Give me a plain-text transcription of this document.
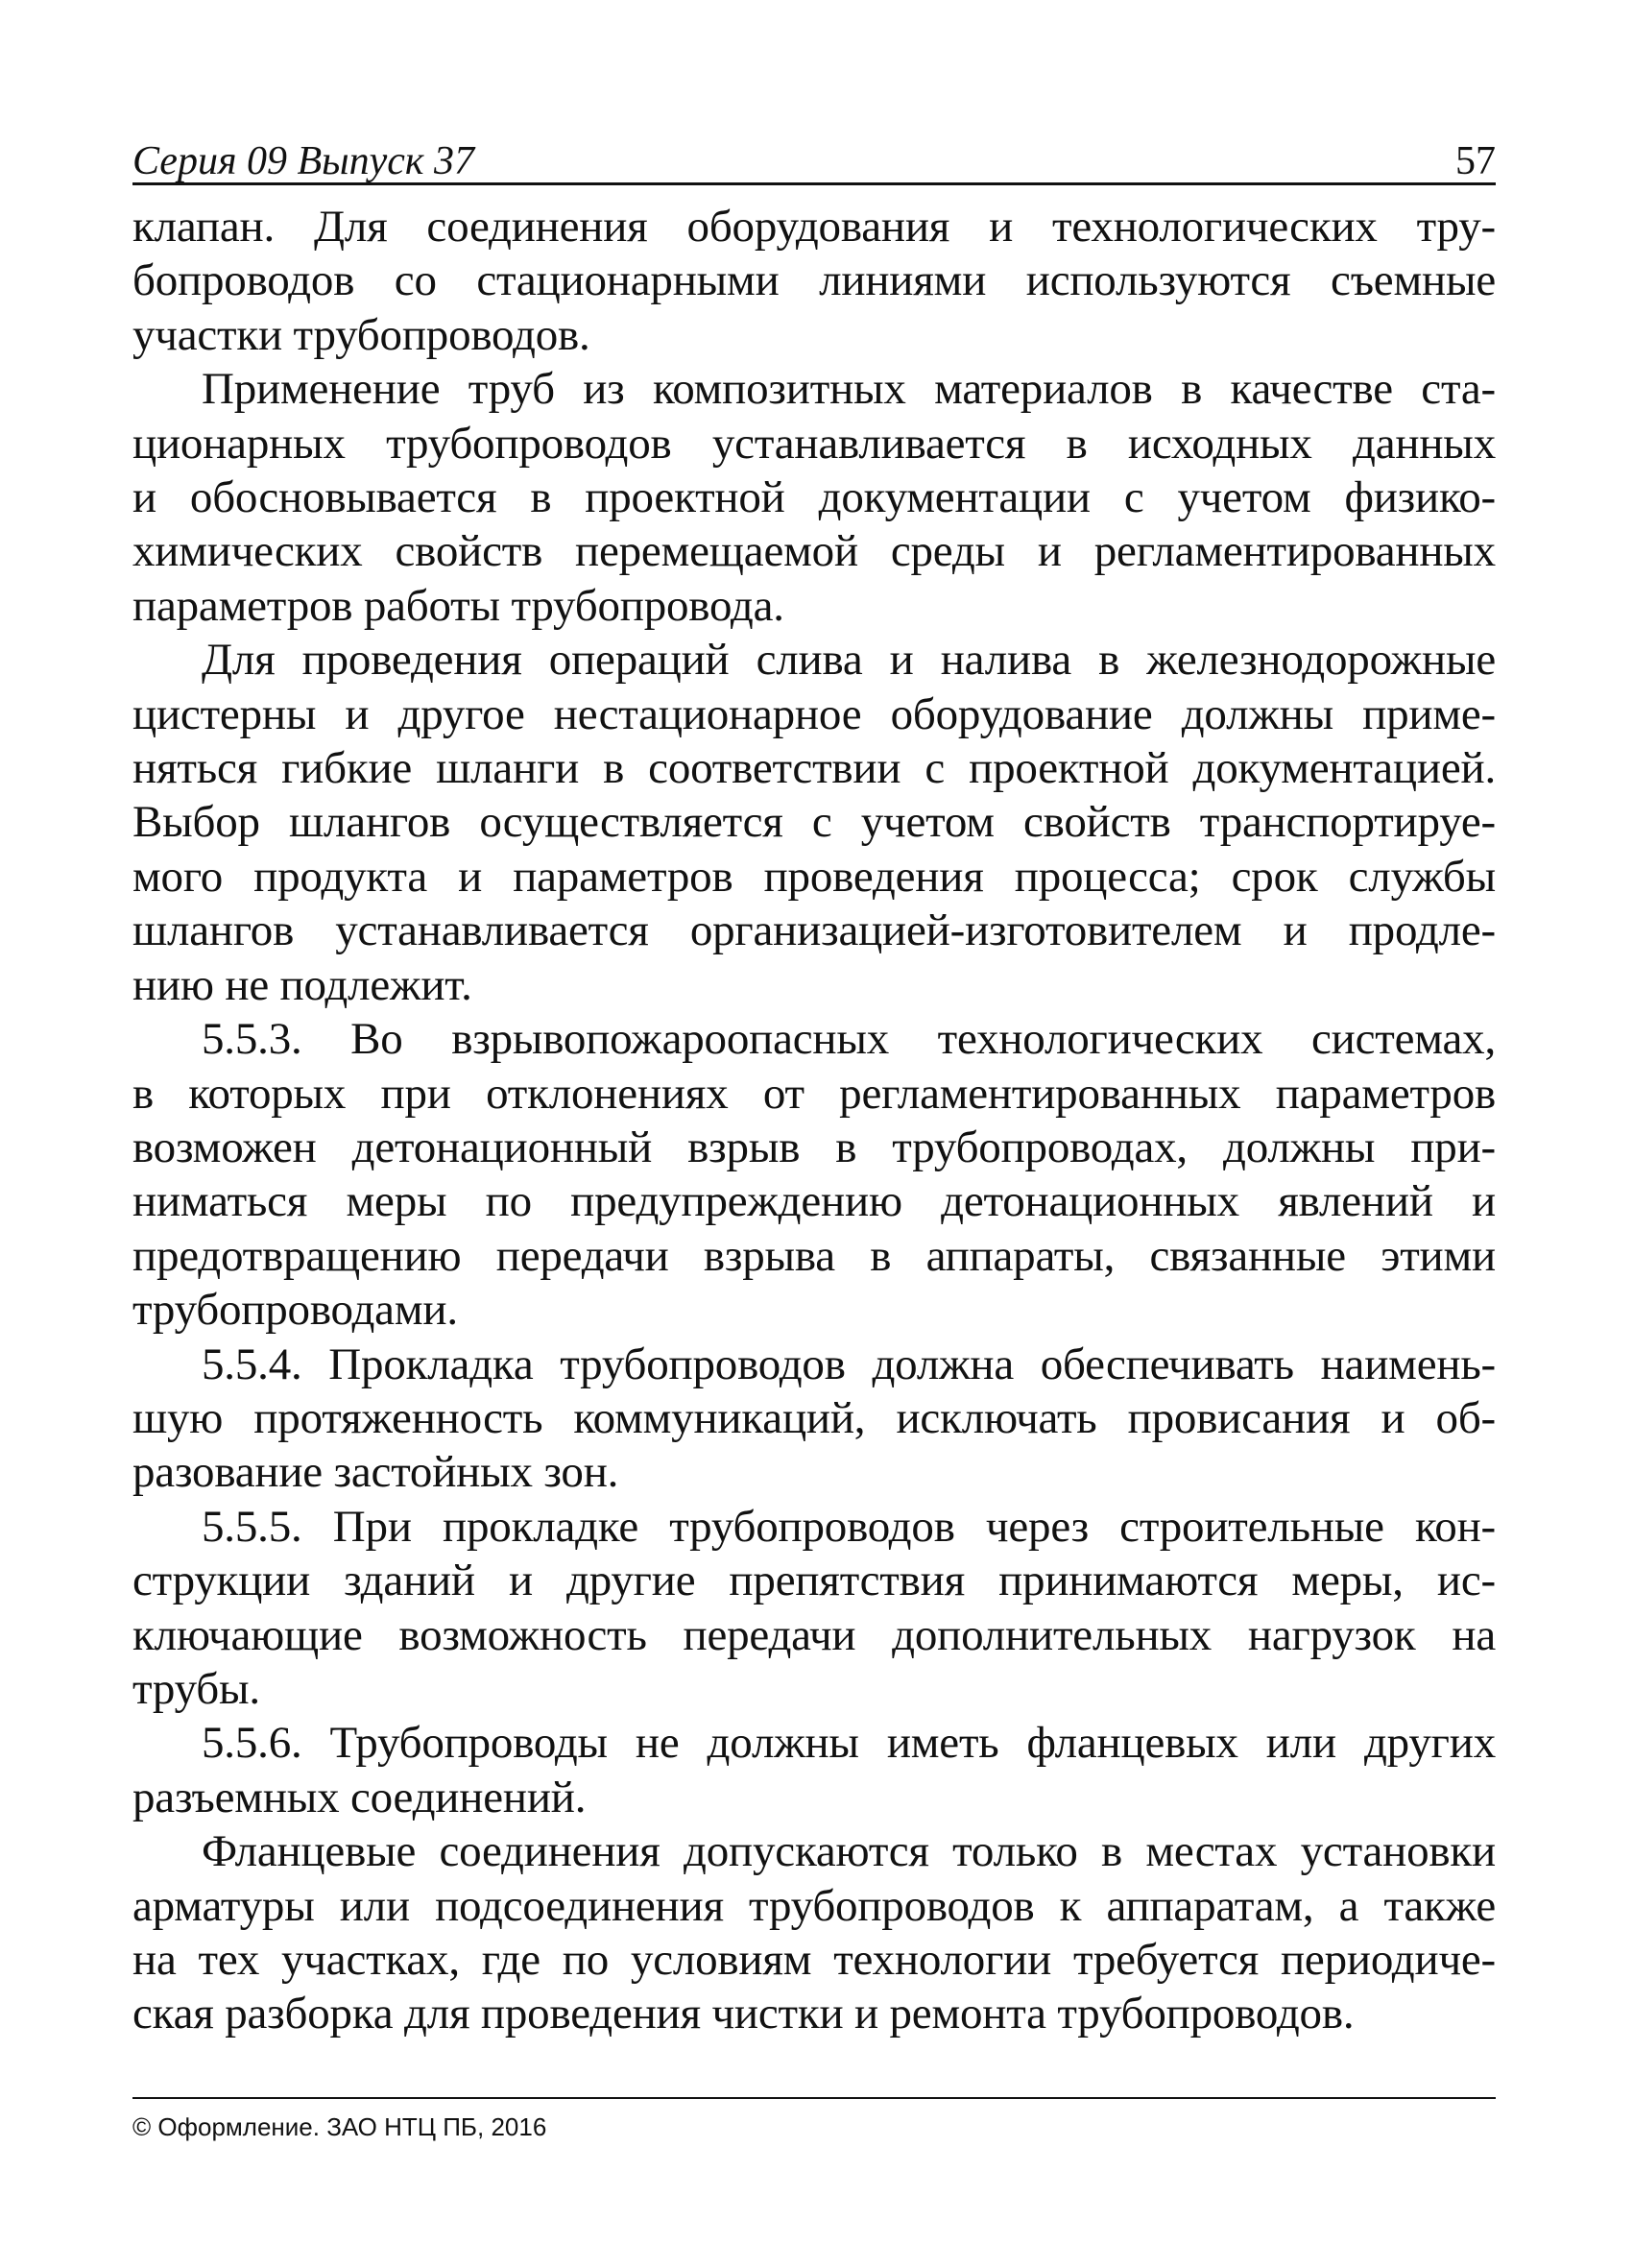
Серия 09 Выпуск 37	57
клапан. Для соединения оборудования и технологических тру-
бопроводов со стационарными линиями используются съемные
участки трубопроводов.
Применение труб из композитных материалов в качестве ста-
ционарных трубопроводов устанавливается в исходных данных
и обосновывается в проектной документации с учетом физико-
химических свойств перемещаемой среды и регламентированных
параметров работы трубопровода.
Для проведения операций слива и налива в железнодорожные
цистерны и другое нестационарное оборудование должны приме-
няться гибкие шланги в соответствии с проектной документацией.
Выбор шлангов осуществляется с учетом свойств транспортируе-
мого продукта и параметров проведения процесса; срок службы
шлангов устанавливается организацией-изготовителем и продле-
нию не подлежит.
5.5.3. Во взрывопожароопасных технологических системах,
в которых при отклонениях от регламентированных параметров
возможен детонационный взрыв в трубопроводах, должны при-
ниматься меры по предупреждению детонационных явлений и
предотвращению передачи взрыва в аппараты, связанные этими
трубопроводами.
5.5.4. Прокладка трубопроводов должна обеспечивать наимень-
шую протяженность коммуникаций, исключать провисания и об-
разование застойных зон.
5.5.5. При прокладке трубопроводов через строительные кон-
струкции зданий и другие препятствия принимаются меры, ис-
ключающие возможность передачи дополнительных нагрузок на
трубы.
5.5.6. Трубопроводы не должны иметь фланцевых или других
разъемных соединений.
Фланцевые соединения допускаются только в местах установки
арматуры или подсоединения трубопроводов к аппаратам, а также
на тех участках, где по условиям технологии требуется периодиче-
ская разборка для проведения чистки и ремонта трубопроводов.
© Оформление. ЗАО НТЦ ПБ, 2016
